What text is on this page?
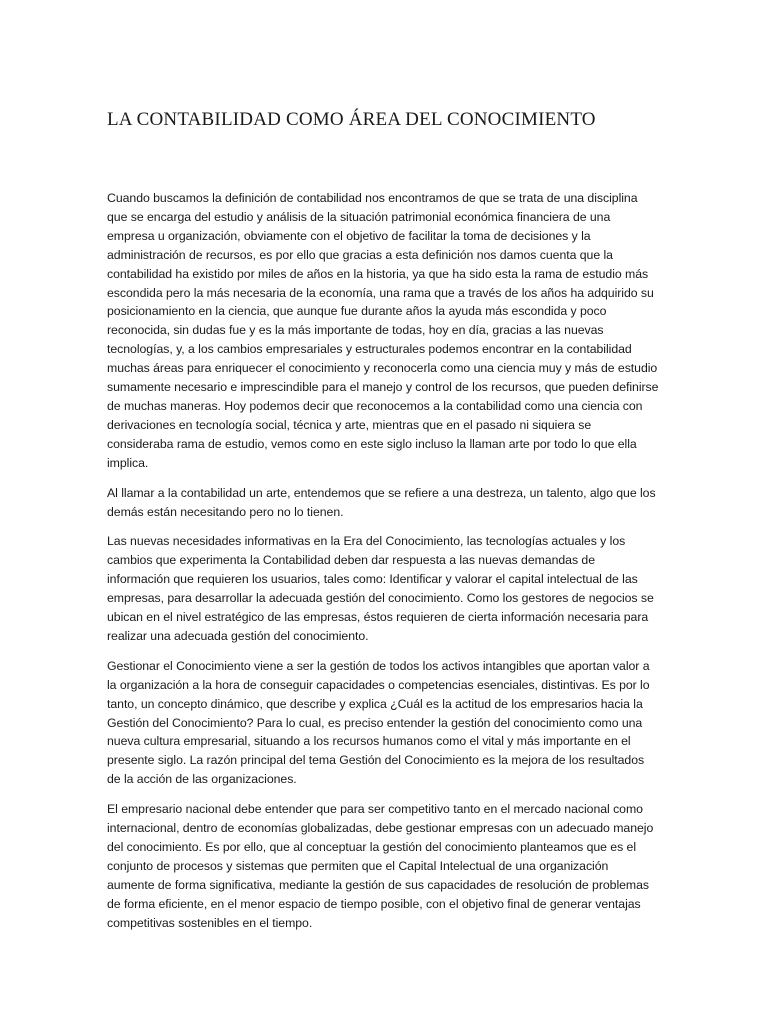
LA CONTABILIDAD COMO ÁREA DEL CONOCIMIENTO

Cuando buscamos la definición de contabilidad nos encontramos de que se trata de una disciplina que se encarga del estudio y análisis de la situación patrimonial económica financiera de una empresa u organización, obviamente con el objetivo de facilitar la toma de decisiones y la administración de recursos, es por ello que gracias a esta definición nos damos cuenta que la contabilidad ha existido por miles de años en la historia, ya que ha sido esta la rama de estudio más escondida pero la más necesaria de la economía, una rama que a través de los años ha adquirido su posicionamiento en la ciencia, que aunque fue durante años la ayuda más escondida y poco reconocida, sin dudas fue y es la más importante de todas, hoy en día, gracias a las nuevas tecnologías, y, a los cambios empresariales y estructurales podemos encontrar en la contabilidad muchas áreas para enriquecer el conocimiento y reconocerla como una ciencia muy y más de estudio sumamente necesario e imprescindible para el manejo y control de los recursos, que pueden definirse de muchas maneras. Hoy podemos decir que reconocemos a la contabilidad como una ciencia con derivaciones en tecnología social, técnica y arte, mientras que en el pasado ni siquiera se consideraba rama de estudio, vemos como en este siglo incluso la llaman arte por todo lo que ella implica.

Al llamar a la contabilidad un arte, entendemos que se refiere a una destreza, un talento, algo que los demás están necesitando pero no lo tienen.

Las nuevas necesidades informativas en la Era del Conocimiento, las tecnologías actuales y los cambios que experimenta la Contabilidad deben dar respuesta a las nuevas demandas de información que requieren los usuarios, tales como: Identificar y valorar el capital intelectual de las empresas, para desarrollar la adecuada gestión del conocimiento. Como los gestores de negocios se ubican en el nivel estratégico de las empresas, éstos requieren de cierta información necesaria para realizar una adecuada gestión del conocimiento.

Gestionar el Conocimiento viene a ser la gestión de todos los activos intangibles que aportan valor a la organización a la hora de conseguir capacidades o competencias esenciales, distintivas. Es por lo tanto, un concepto dinámico, que describe y explica ¿Cuál es la actitud de los empresarios hacia la Gestión del Conocimiento? Para lo cual, es preciso entender la gestión del conocimiento como una nueva cultura empresarial, situando a los recursos humanos como el vital y más importante en el presente siglo. La razón principal del tema Gestión del Conocimiento es la mejora de los resultados de la acción de las organizaciones.

El empresario nacional debe entender que para ser competitivo tanto en el mercado nacional como internacional, dentro de economías globalizadas, debe gestionar empresas con un adecuado manejo del conocimiento. Es por ello, que al conceptuar la gestión del conocimiento planteamos que es el conjunto de procesos y sistemas que permiten que el Capital Intelectual de una organización aumente de forma significativa, mediante la gestión de sus capacidades de resolución de problemas de forma eficiente, en el menor espacio de tiempo posible, con el objetivo final de generar ventajas competitivas sostenibles en el tiempo.
